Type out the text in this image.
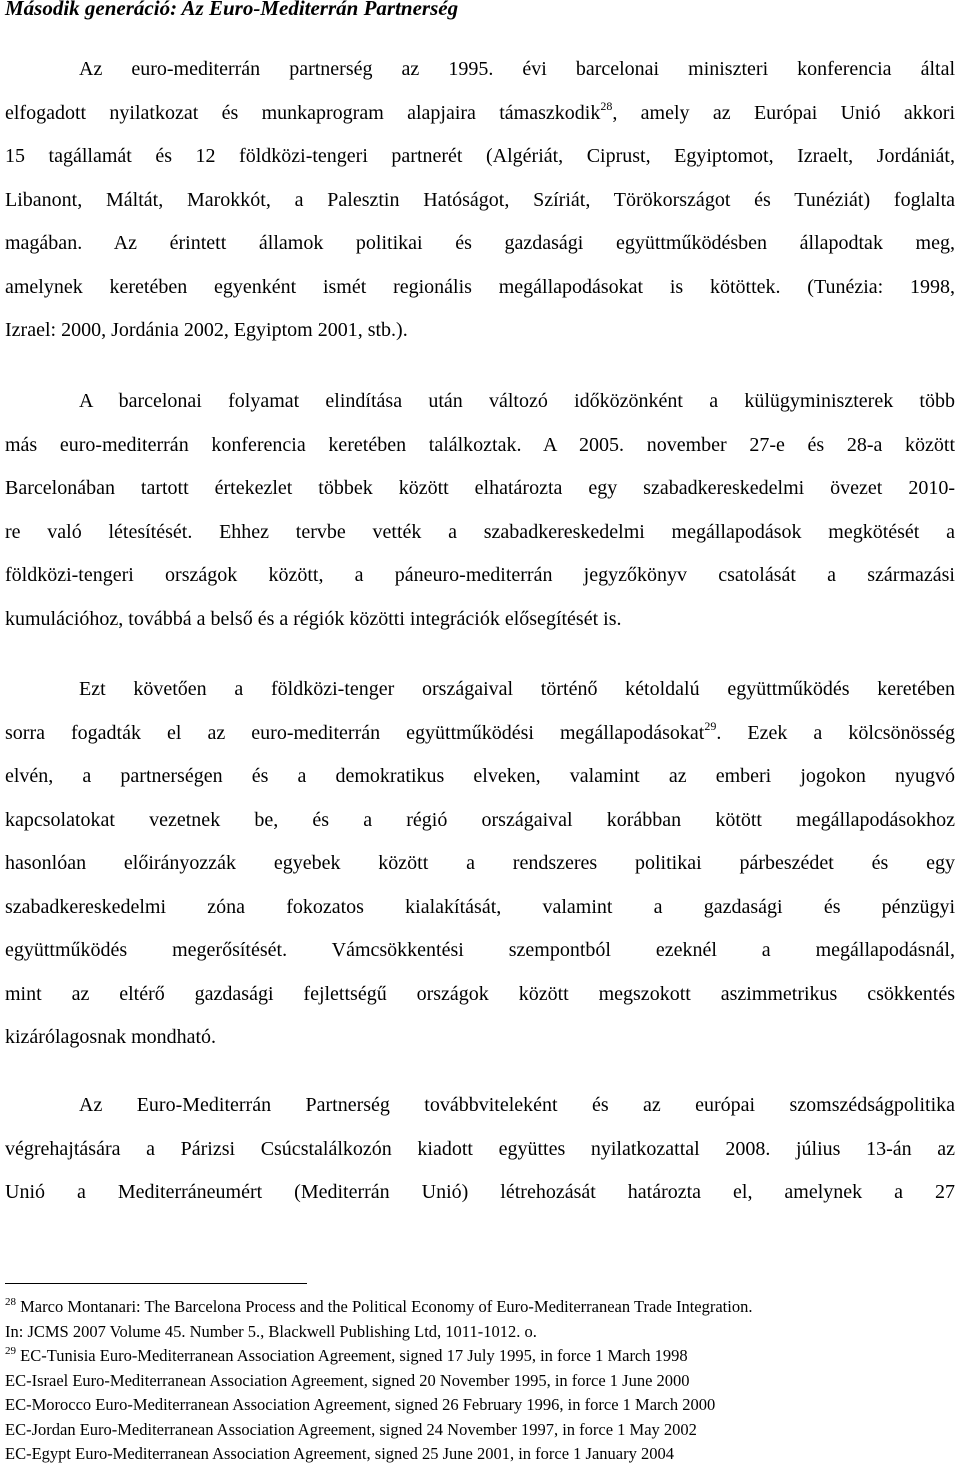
Második generáció: Az Euro-Mediterrán Partnerség
Az euro-mediterrán partnerség az 1995. évi barcelonai miniszteri konferencia által
elfogadott nyilatkozat és munkaprogram alapjaira támaszkodik$^{28}$, amely az Európai Unió akkori
15 tagállamát és 12 földközi-tengeri partnerét (Algériát, Ciprust, Egyiptomot, Izraelt, Jordániát,
Libanont, Máltát, Marokkót, a Palesztin Hatóságot, Szíriát, Törökországot és Tunéziát) foglalta
magában. Az érintett államok politikai és gazdasági együttműködésben állapodtak meg,
amelynek keretében egyenként ismét regionális megállapodásokat is kötöttek. (Tunézia: 1998,
Izrael: 2000, Jordánia 2002, Egyiptom 2001, stb.).
A barcelonai folyamat elindítása után változó időközönként a külügyminiszterek több
más euro-mediterrán konferencia keretében találkoztak. A 2005. november 27-e és 28-a között
Barcelonában tartott értekezlet többek között elhatározta egy szabadkereskedelmi övezet 2010-
re való létesítését. Ehhez tervbe vették a szabadkereskedelmi megállapodások megkötését a
földközi-tengeri országok között, a páneuro-mediterrán jegyzőkönyv csatolását a származási
kumulációhoz, továbbá a belső és a régiók közötti integrációk elősegítését is.
Ezt követően a földközi-tenger országaival történő kétoldalú együttműködés keretében
sorra fogadták el az euro-mediterrán együttműködési megállapodásokat$^{29}$. Ezek a kölcsönösség
elvén, a partnerségen és a demokratikus elveken, valamint az emberi jogokon nyugvó
kapcsolatokat vezetnek be, és a régió országaival korábban kötött megállapodásokhoz
hasonlóan előirányozzák egyebek között a rendszeres politikai párbeszédet és egy
szabadkereskedelmi zóna fokozatos kialakítását, valamint a gazdasági és pénzügyi
együttműködés megerősítését. Vámcsökkentési szempontból ezeknél a megállapodásnál,
mint az eltérő gazdasági fejlettségű országok között megszokott aszimmetrikus csökkentés
kizárólagosnak mondható.
Az Euro-Mediterrán Partnerség továbbvitelek​ént és az európai szomszédságpolitika
végrehajtására a Párizsi Csúcstalálkozón kiadott együttes nyilatkozattal 2008. július 13-án az
Unió a Mediterráneumért (Mediterrán Unió) létrehozását határozta el, amelynek a 27
$^{28}$ Marco Montanari: The Barcelona Process and the Political Economy of Euro-Mediterranean Trade Integration.
In: JCMS 2007 Volume 45. Number 5., Blackwell Publishing Ltd, 1011-1012. o.
$^{29}$ EC-Tunisia Euro-Mediterranean Association Agreement, signed 17 July 1995, in force 1 March 1998
EC-Israel Euro-Mediterranean Association Agreement, signed 20 November 1995, in force 1 June 2000
EC-Morocco Euro-Mediterranean Association Agreement, signed 26 February 1996, in force 1 March 2000
EC-Jordan Euro-Mediterranean Association Agreement, signed 24 November 1997, in force 1 May 2002
EC-Egypt Euro-Mediterranean Association Agreement, signed 25 June 2001, in force 1 January 2004
